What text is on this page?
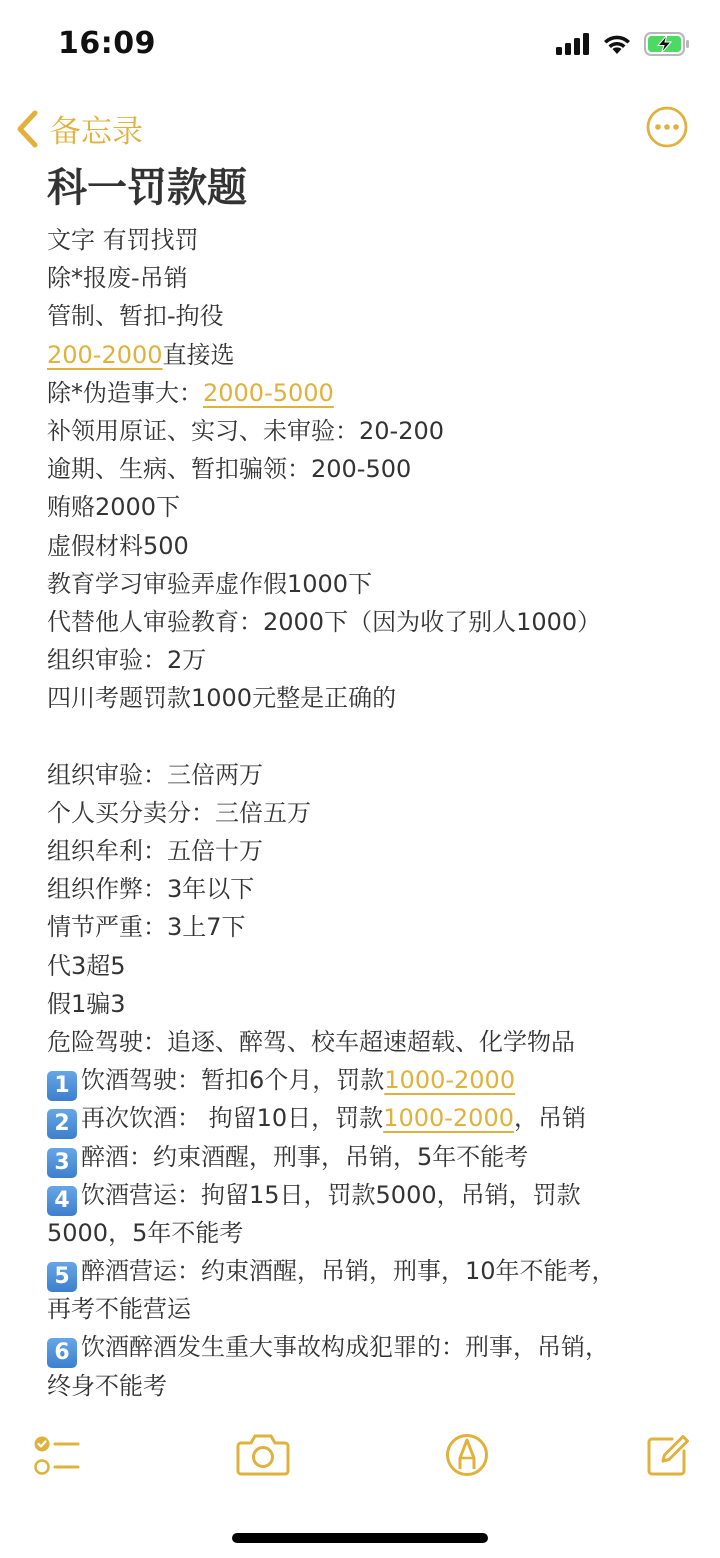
16:09
备忘录
科一罚款题
文字 有罚找罚
除*报废-吊销
管制、暂扣-拘役
200-2000直接选
除*伪造事大：2000-5000
补领用原证、实习、未审验：20-200
逾期、生病、暂扣骗领：200-500
贿赂2000下
虚假材料500
教育学习审验弄虚作假1000下
代替他人审验教育：2000下（因为收了别人1000）
组织审验：2万
四川考题罚款1000元整是正确的
组织审验：三倍两万
个人买分卖分：三倍五万
组织牟利：五倍十万
组织作弊：3年以下
情节严重：3上7下
代3超5
假1骗3
危险驾驶：追逐、醉驾、校车超速超载、化学物品
1 饮酒驾驶：暂扣6个月，罚款1000-2000
2 再次饮酒： 拘留10日，罚款1000-2000，吊销
3 醉酒：约束酒醒，刑事，吊销，5年不能考
4 饮酒营运：拘留15日，罚款5000，吊销，罚款
5000，5年不能考
5 醉酒营运：约束酒醒，吊销，刑事，10年不能考，
再考不能营运
6 饮酒醉酒发生重大事故构成犯罪的：刑事，吊销，
终身不能考
